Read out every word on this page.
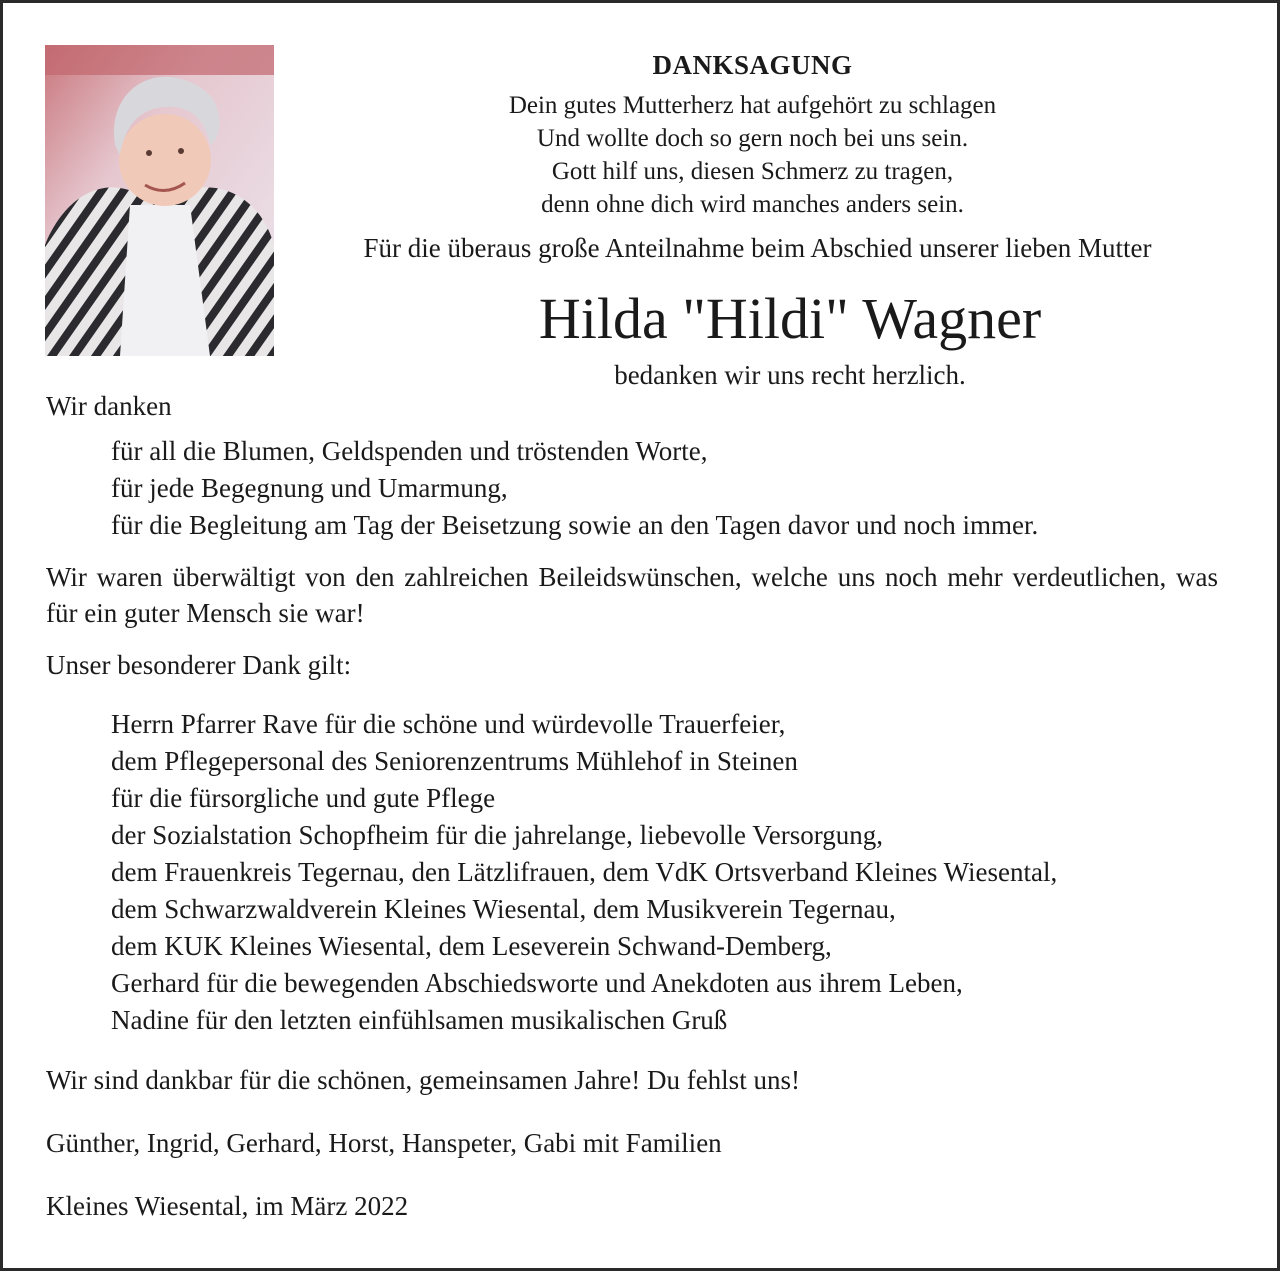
DANKSAGUNG
Dein gutes Mutterherz hat aufgehört zu schlagen
Und wollte doch so gern noch bei uns sein.
Gott hilf uns, diesen Schmerz zu tragen,
denn ohne dich wird manches anders sein.
Für die überaus große Anteilnahme beim Abschied unserer lieben Mutter
Hilda "Hildi" Wagner
bedanken wir uns recht herzlich.
Wir danken
für all die Blumen, Geldspenden und tröstenden Worte,
für jede Begegnung und Umarmung,
für die Begleitung am Tag der Beisetzung sowie an den Tagen davor und noch immer.
Wir waren überwältigt von den zahlreichen Beileidswünschen, welche uns noch mehr verdeutlichen, was für ein guter Mensch sie war!
Unser besonderer Dank gilt:
Herrn Pfarrer Rave für die schöne und würdevolle Trauerfeier,
dem Pflegepersonal des Seniorenzentrums Mühlehof in Steinen
für die fürsorgliche und gute Pflege
der Sozialstation Schopfheim für die jahrelange, liebevolle Versorgung,
dem Frauenkreis Tegernau, den Lätzlifrauen, dem VdK Ortsverband Kleines Wiesental,
dem Schwarzwaldverein Kleines Wiesental, dem Musikverein Tegernau,
dem KUK Kleines Wiesental, dem Leseverein Schwand-Demberg,
Gerhard für die bewegenden Abschiedsworte und Anekdoten aus ihrem Leben,
Nadine für den letzten einfühlsamen musikalischen Gruß
Wir sind dankbar für die schönen, gemeinsamen Jahre! Du fehlst uns!
Günther, Ingrid, Gerhard, Horst, Hanspeter, Gabi mit Familien
Kleines Wiesental, im März 2022
